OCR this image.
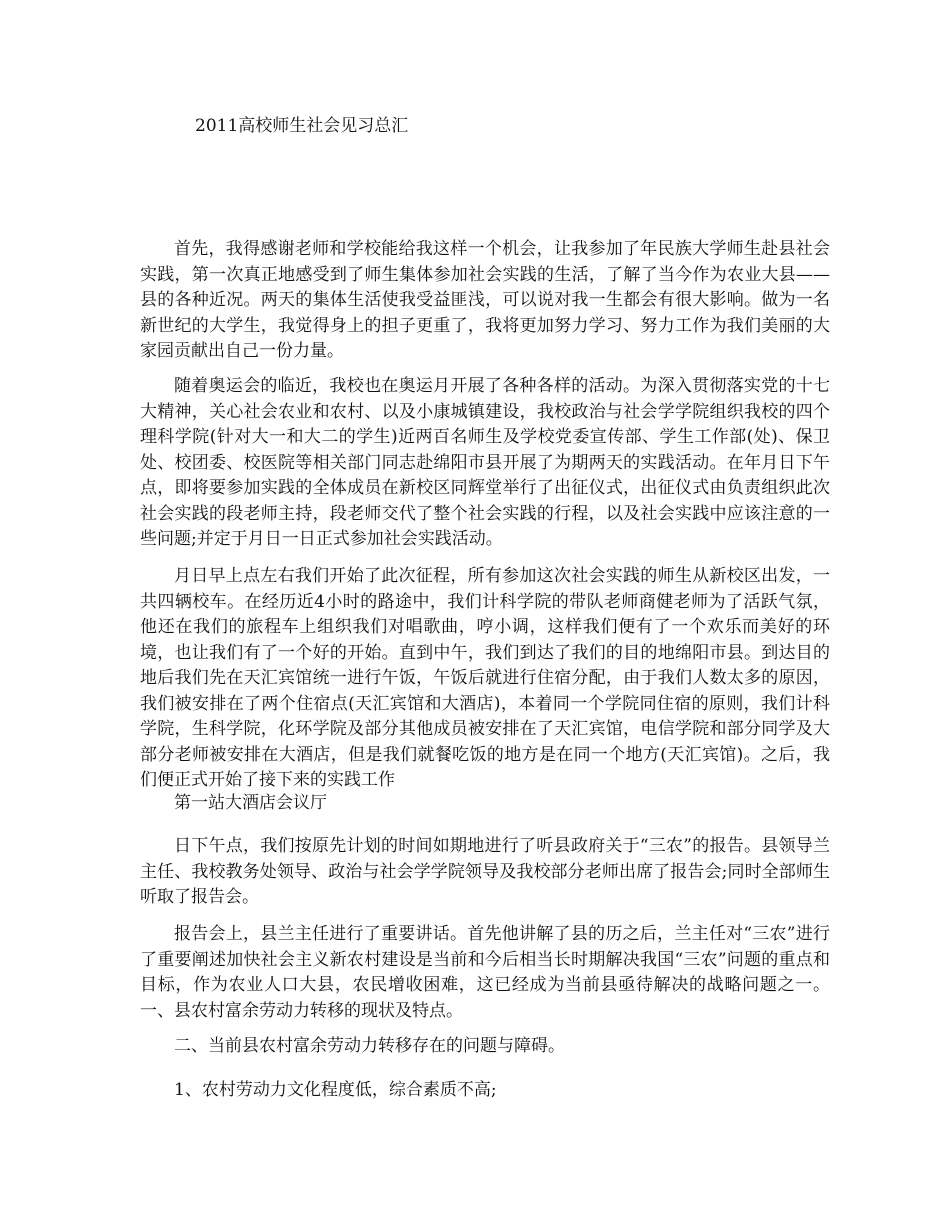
2011高校师生社会见习总汇

首先，我得感谢老师和学校能给我这样一个机会，让我参加了年民族大学师生赴县社会实践，第一次真正地感受到了师生集体参加社会实践的生活，了解了当今作为农业大县——县的各种近况。两天的集体生活使我受益匪浅，可以说对我一生都会有很大影响。做为一名新世纪的大学生，我觉得身上的担子更重了，我将更加努力学习、努力工作为我们美丽的大家园贡献出自己一份力量。

随着奥运会的临近，我校也在奥运月开展了各种各样的活动。为深入贯彻落实党的十七大精神，关心社会农业和农村、以及小康城镇建设，我校政治与社会学学院组织我校的四个理科学院(针对大一和大二的学生)近两百名师生及学校党委宣传部、学生工作部(处)、保卫处、校团委、校医院等相关部门同志赴绵阳市县开展了为期两天的实践活动。在年月日下午点，即将要参加实践的全体成员在新校区同辉堂举行了出征仪式，出征仪式由负责组织此次社会实践的段老师主持，段老师交代了整个社会实践的行程，以及社会实践中应该注意的一些问题;并定于月日一日正式参加社会实践活动。

月日早上点左右我们开始了此次征程，所有参加这次社会实践的师生从新校区出发，一共四辆校车。在经历近4小时的路途中，我们计科学院的带队老师商健老师为了活跃气氛，他还在我们的旅程车上组织我们对唱歌曲，哼小调，这样我们便有了一个欢乐而美好的环境，也让我们有了一个好的开始。直到中午，我们到达了我们的目的地绵阳市县。到达目的地后我们先在天汇宾馆统一进行午饭，午饭后就进行住宿分配，由于我们人数太多的原因，我们被安排在了两个住宿点(天汇宾馆和大酒店)，本着同一个学院同住宿的原则，我们计科学院，生科学院，化环学院及部分其他成员被安排在了天汇宾馆，电信学院和部分同学及大部分老师被安排在大酒店，但是我们就餐吃饭的地方是在同一个地方(天汇宾馆)。之后，我们便正式开始了接下来的实践工作

第一站大酒店会议厅

日下午点，我们按原先计划的时间如期地进行了听县政府关于“三农”的报告。县领导兰主任、我校教务处领导、政治与社会学学院领导及我校部分老师出席了报告会;同时全部师生听取了报告会。

报告会上，县兰主任进行了重要讲话。首先他讲解了县的历之后，兰主任对“三农”进行了重要阐述加快社会主义新农村建设是当前和今后相当长时期解决我国“三农”问题的重点和目标，作为农业人口大县，农民增收困难，这已经成为当前县亟待解决的战略问题之一。一、县农村富余劳动力转移的现状及特点。

二、当前县农村富余劳动力转移存在的问题与障碍。

1、农村劳动力文化程度低，综合素质不高;
